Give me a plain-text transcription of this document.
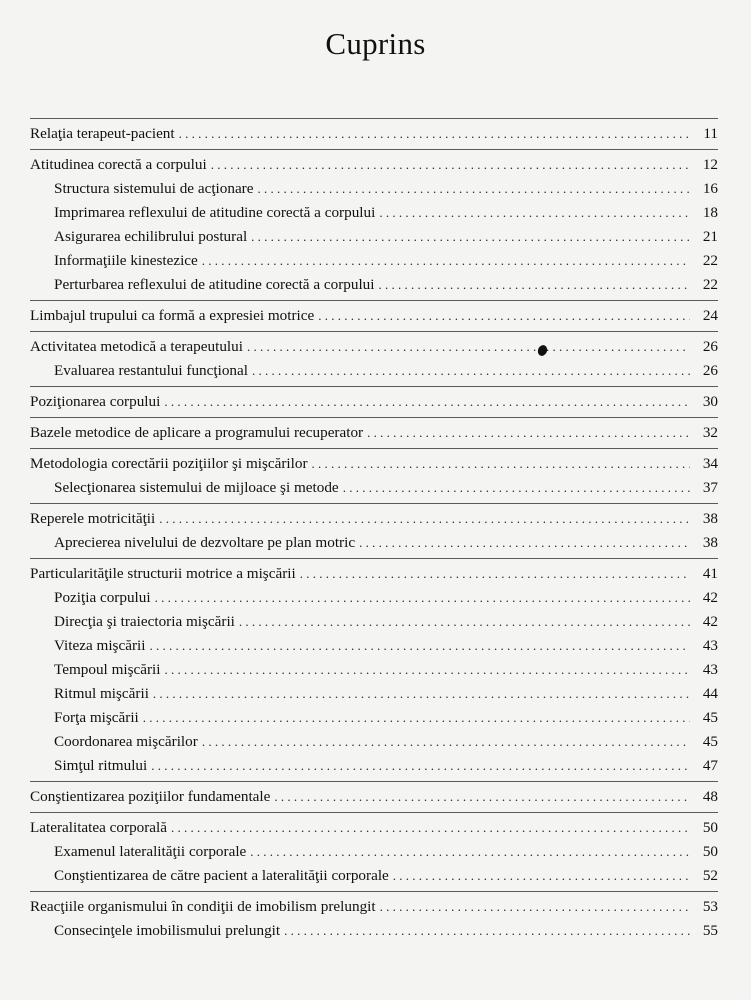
Cuprins
Relaţia terapeut-pacient . . .	11
Atitudinea corectă a corpului . . .	12
Structura sistemului de acţionare . . .	16
Imprimarea reflexului de atitudine corectă a corpului . . .	18
Asigurarea echilibrului postural . . .	21
Informaţiile kinestezice . . .	22
Perturbarea reflexului de atitudine corectă a corpului . . .	22
Limbajul trupului ca formă a expresiei motrice . . .	24
Activitatea metodică a terapeutului . . .	26
Evaluarea restantului funcţional . . .	26
Poziţionarea corpului . . .	30
Bazele metodice de aplicare a programului recuperator . . .	32
Metodologia corectării poziţiilor şi mişcărilor . . .	34
Selecţionarea sistemului de mijloace şi metode . . .	37
Reperele motricităţii . . .	38
Aprecierea nivelului de dezvoltare pe plan motric . . .	38
Particularităţile structurii motrice a mişcării . . .	41
Poziţia corpului . . .	42
Direcţia şi traiectoria mişcării . . .	42
Viteza mişcării . . .	43
Tempoul mişcării . . .	43
Ritmul mişcării . . .	44
Forţa mişcării . . .	45
Coordonarea mişcărilor . . .	45
Simţul ritmului . . .	47
Conştientizarea poziţiilor fundamentale . . .	48
Lateralitatea corporală . . .	50
Examenul lateralităţii corporale . . .	50
Conştientizarea de către pacient a lateralităţii corporale . . .	52
Reacţiile organismului în condiţii de imobilism prelungit . . .	53
Consecinţele imobilismului prelungit . . .	55
